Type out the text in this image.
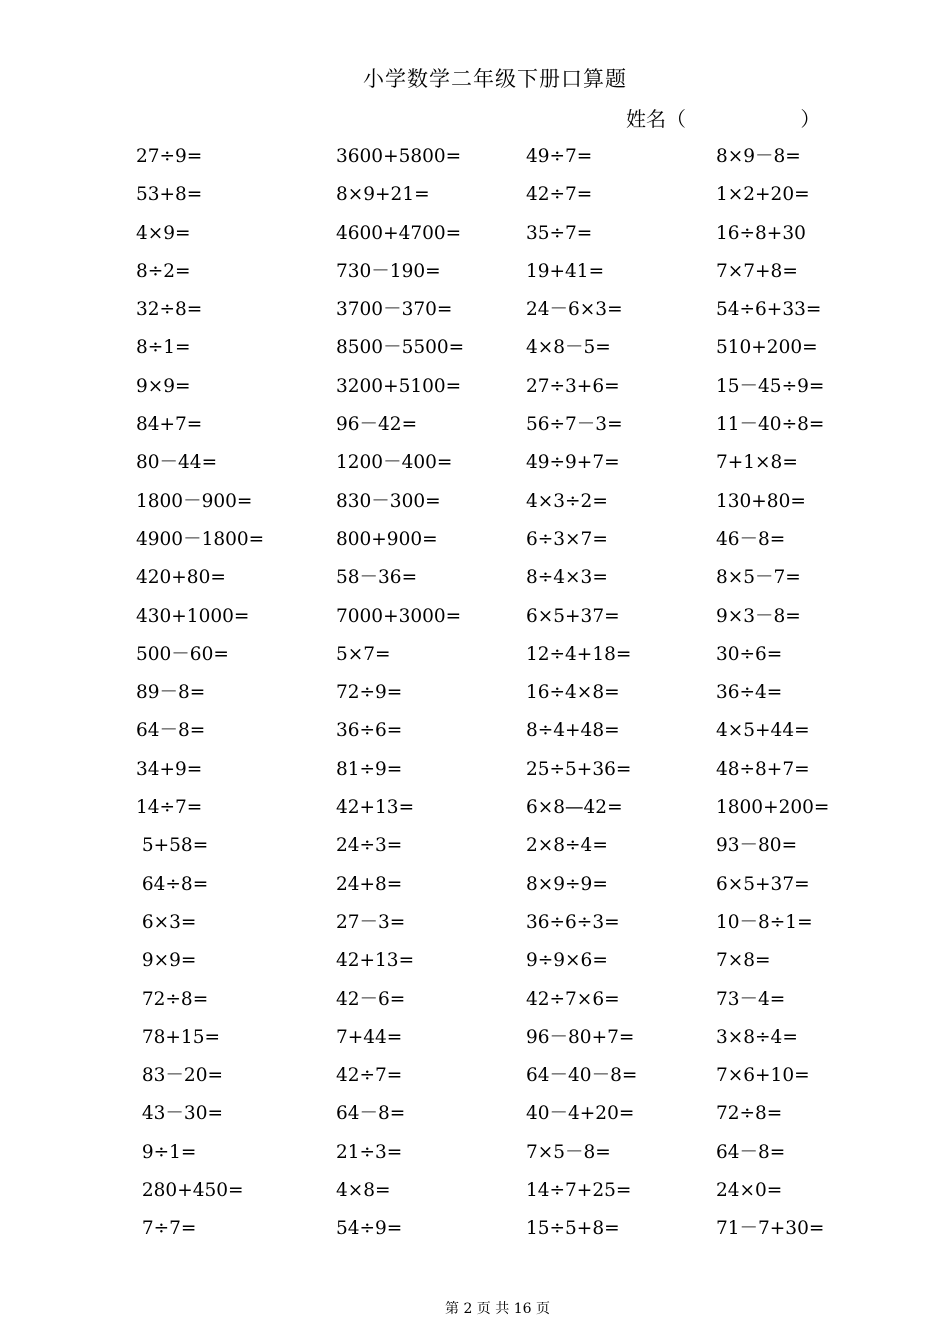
小学数学二年级下册口算题
姓名（                  ）
27÷9=	3600+5800=	49÷7=	8×9－8=
53+8=	8×9+21=	42÷7=	1×2+20=
4×9=	4600+4700=	35÷7=	16÷8+30
8÷2=	730－190=	19+41=	7×7+8=
32÷8=	3700－370=	24－6×3=	54÷6+33=
8÷1=	8500－5500=	4×8－5=	510+200=
9×9=	3200+5100=	27÷3+6=	15－45÷9=
84+7=	96－42=	56÷7－3=	11－40÷8=
80－44=	1200－400=	49÷9+7=	7+1×8=
1800－900=	830－300=	4×3÷2=	130+80=
4900－1800=	800+900=	6÷3×7=	46－8=
420+80=	58－36=	8÷4×3=	8×5－7=
430+1000=	7000+3000=	6×5+37=	9×3－8=
500－60=	5×7=	12÷4+18=	30÷6=
89－8=	72÷9=	16÷4×8=	36÷4=
64－8=	36÷6=	8÷4+48=	4×5+44=
34+9=	81÷9=	25÷5+36=	48÷8+7=
14÷7=	42+13=	6×8—42=	1800+200=
5+58=	24÷3=	2×8÷4=	93－80=
64÷8=	24+8=	8×9÷9=	6×5+37=
6×3=	27－3=	36÷6÷3=	10－8÷1=
9×9=	42+13=	9÷9×6=	7×8=
72÷8=	42－6=	42÷7×6=	73－4=
78+15=	7+44=	96－80+7=	3×8÷4=
83－20=	42÷7=	64－40－8=	7×6+10=
43－30=	64－8=	40－4+20=	72÷8=
9÷1=	21÷3=	7×5－8=	64－8=
280+450=	4×8=	14÷7+25=	24×0=
7÷7=	54÷9=	15÷5+8=	71－7+30=
第 2 页 共 16 页
